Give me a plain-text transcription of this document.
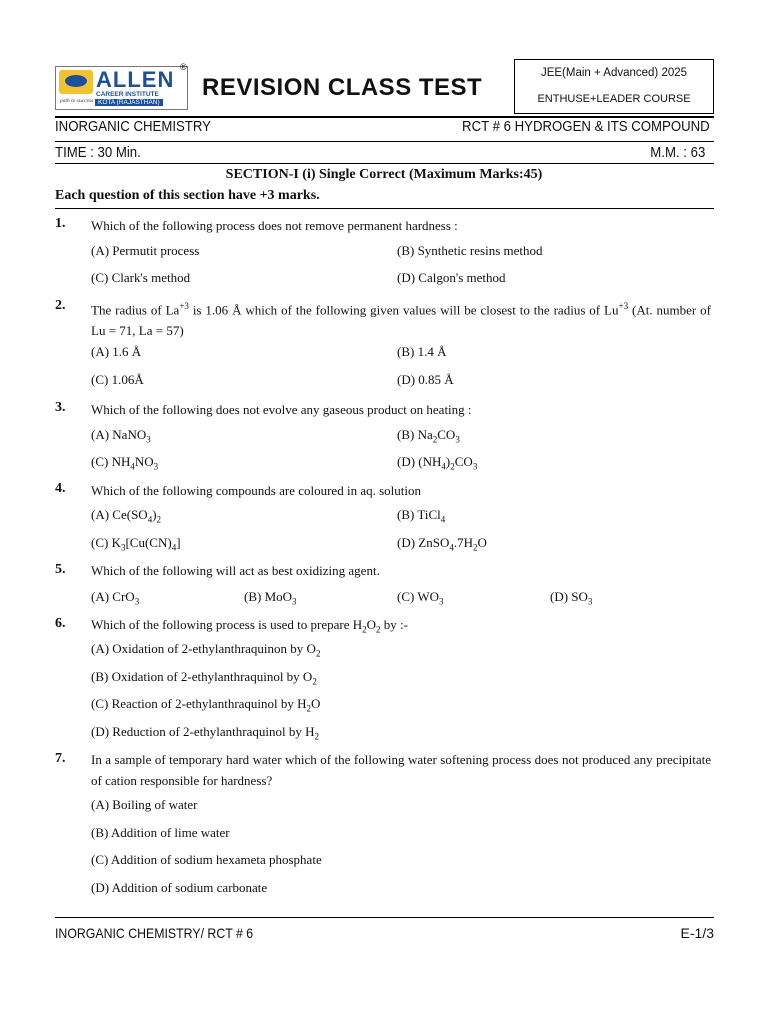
ALLEN
CAREER INSTITUTE
KOTA (RAJASTHAN)
path to success
®
REVISION CLASS TEST
JEE(Main + Advanced) 2025
ENTHUSE+LEADER COURSE
INORGANIC CHEMISTRY	RCT # 6 HYDROGEN & ITS COMPOUND
TIME : 30 Min.	M.M. : 63
SECTION-I (i) Single Correct (Maximum Marks:45)
Each question of this section have +3 marks.
1. Which of the following process does not remove permanent hardness :
(A) Permutit process	(B) Synthetic resins method
(C) Clark's method	(D) Calgon's method
2. The radius of $La^{+3}$ is 1.06 Å which of the following given values will be closest to the radius of $Lu^{+3}$ (At. number of Lu = 71, La = 57)
(A) 1.6 Å	(B) 1.4 Å
(C) 1.06Å	(D) 0.85 Å
3. Which of the following does not evolve any gaseous product on heating :
(A) NaNO$_3$	(B) $Na_2CO_3$
(C) $NH_4NO_3$	(D) $(NH_4)_2CO_3$
4. Which of the following compounds are coloured in aq. solution
(A) $Ce(SO_4)_2$	(B) TiCl$_4$
(C) $K_3[Cu(CN)_4]$	(D) $ZnSO_4.7H_2O$
5. Which of the following will act as best oxidizing agent.
(A) CrO$_3$	(B) MoO$_3$	(C) $WO_3$	(D) $SO_3$
6. Which of the following process is used to prepare $H_2O_2$ by :-
(A) Oxidation of 2-ethylanthraquinon by $O_2$
(B) Oxidation of 2-ethylanthraquinol by $O_2$
(C) Reaction of 2-ethylanthraquinol by $H_2O$
(D) Reduction of 2-ethylanthraquinol by $H_2$
7. In a sample of temporary hard water which of the following water softening process does not produced any precipitate of cation responsible for hardness?
(A) Boiling of water
(B) Addition of lime water
(C) Addition of sodium hexameta phosphate
(D) Addition of sodium carbonate
INORGANIC CHEMISTRY/ RCT # 6	E-1/3
